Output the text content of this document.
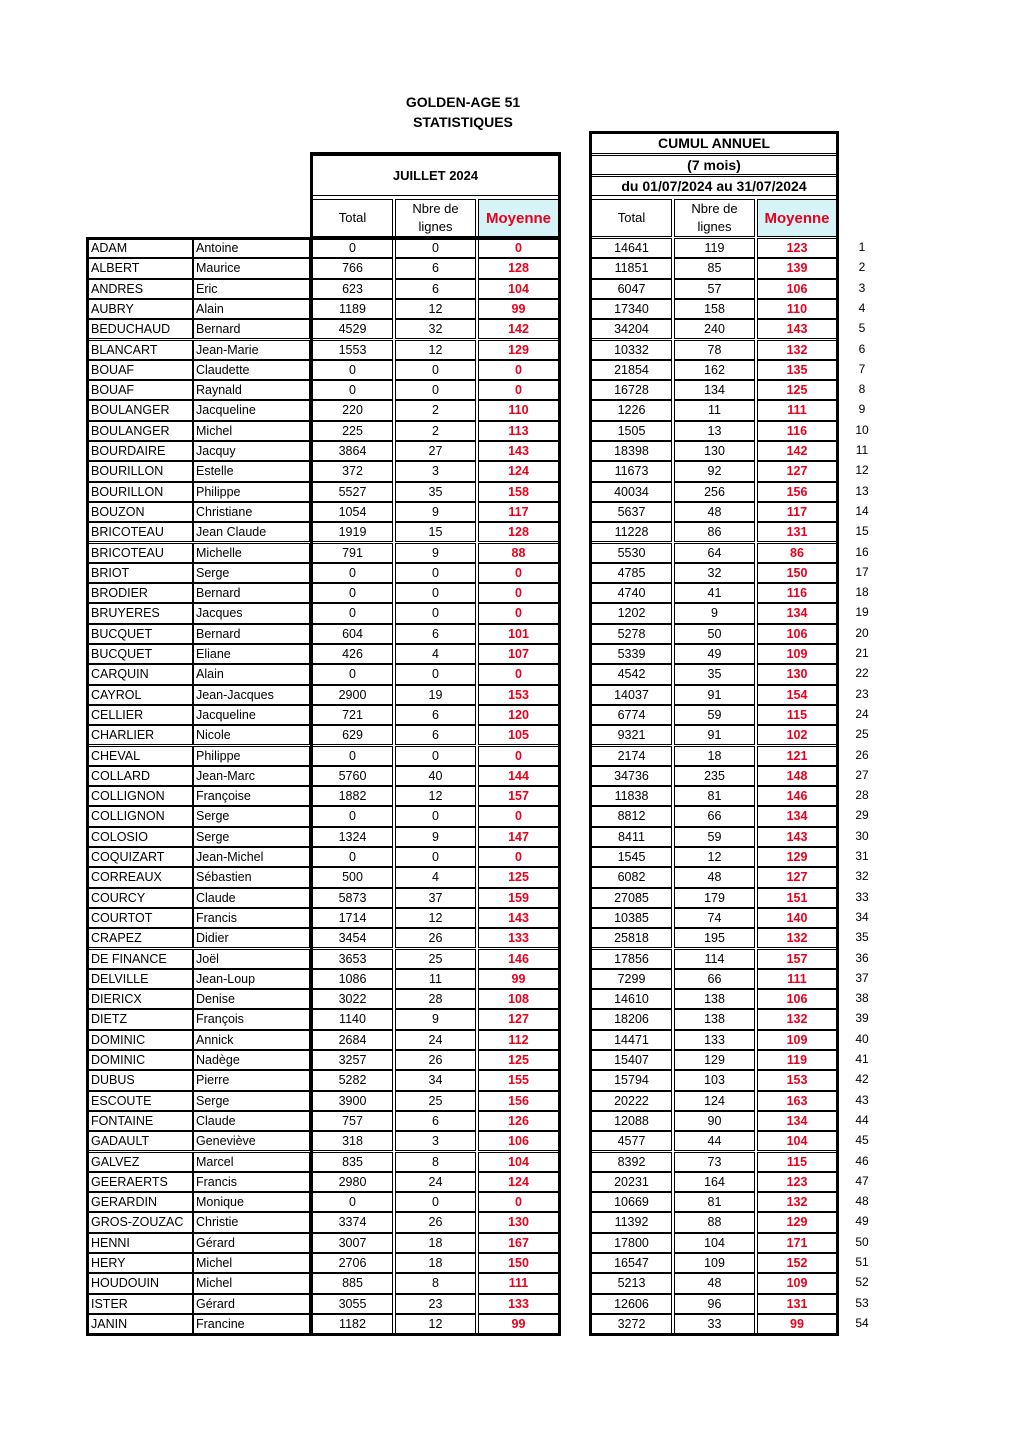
GOLDEN-AGE 51
STATISTIQUES
JUILLET 2024
Total
Nbre de
lignes	Moyenne
CUMUL ANNUEL
(7 mois)
du 01/07/2024 au 31/07/2024
Total
Nbre de
lignes	Moyenne
ADAM	Antoine	0	0	0	14641	119	123	1
ALBERT	Maurice	766	6	128	11851	85	139	2
ANDRES	Eric	623	6	104	6047	57	106	3
AUBRY	Alain	1189	12	99	17340	158	110	4
BEDUCHAUD	Bernard	4529	32	142	34204	240	143	5
BLANCART	Jean-Marie	1553	12	129	10332	78	132	6
BOUAF	Claudette	0	0	0	21854	162	135	7
BOUAF	Raynald	0	0	0	16728	134	125	8
BOULANGER	Jacqueline	220	2	110	1226	11	111	9
BOULANGER	Michel	225	2	113	1505	13	116	10
BOURDAIRE	Jacquy	3864	27	143	18398	130	142	11
BOURILLON	Estelle	372	3	124	11673	92	127	12
BOURILLON	Philippe	5527	35	158	40034	256	156	13
BOUZON	Christiane	1054	9	117	5637	48	117	14
BRICOTEAU	Jean Claude	1919	15	128	11228	86	131	15
BRICOTEAU	Michelle	791	9	88	5530	64	86	16
BRIOT	Serge	0	0	0	4785	32	150	17
BRODIER	Bernard	0	0	0	4740	41	116	18
BRUYERES	Jacques	0	0	0	1202	9	134	19
BUCQUET	Bernard	604	6	101	5278	50	106	20
BUCQUET	Eliane	426	4	107	5339	49	109	21
CARQUIN	Alain	0	0	0	4542	35	130	22
CAYROL	Jean-Jacques	2900	19	153	14037	91	154	23
CELLIER	Jacqueline	721	6	120	6774	59	115	24
CHARLIER	Nicole	629	6	105	9321	91	102	25
CHEVAL	Philippe	0	0	0	2174	18	121	26
COLLARD	Jean-Marc	5760	40	144	34736	235	148	27
COLLIGNON	Françoise	1882	12	157	11838	81	146	28
COLLIGNON	Serge	0	0	0	8812	66	134	29
COLOSIO	Serge	1324	9	147	8411	59	143	30
COQUIZART	Jean-Michel	0	0	0	1545	12	129	31
CORREAUX	Sébastien	500	4	125	6082	48	127	32
COURCY	Claude	5873	37	159	27085	179	151	33
COURTOT	Francis	1714	12	143	10385	74	140	34
CRAPEZ	Didier	3454	26	133	25818	195	132	35
DE FINANCE	Joël	3653	25	146	17856	114	157	36
DELVILLE	Jean-Loup	1086	11	99	7299	66	111	37
DIERICX	Denise	3022	28	108	14610	138	106	38
DIETZ	François	1140	9	127	18206	138	132	39
DOMINIC	Annick	2684	24	112	14471	133	109	40
DOMINIC	Nadège	3257	26	125	15407	129	119	41
DUBUS	Pierre	5282	34	155	15794	103	153	42
ESCOUTE	Serge	3900	25	156	20222	124	163	43
FONTAINE	Claude	757	6	126	12088	90	134	44
GADAULT	Geneviève	318	3	106	4577	44	104	45
GALVEZ	Marcel	835	8	104	8392	73	115	46
GEERAERTS	Francis	2980	24	124	20231	164	123	47
GERARDIN	Monique	0	0	0	10669	81	132	48
GROS-ZOUZAC	Christie	3374	26	130	11392	88	129	49
HENNI	Gérard	3007	18	167	17800	104	171	50
HERY	Michel	2706	18	150	16547	109	152	51
HOUDOUIN	Michel	885	8	111	5213	48	109	52
ISTER	Gérard	3055	23	133	12606	96	131	53
JANIN	Francine	1182	12	99	3272	33	99	54
